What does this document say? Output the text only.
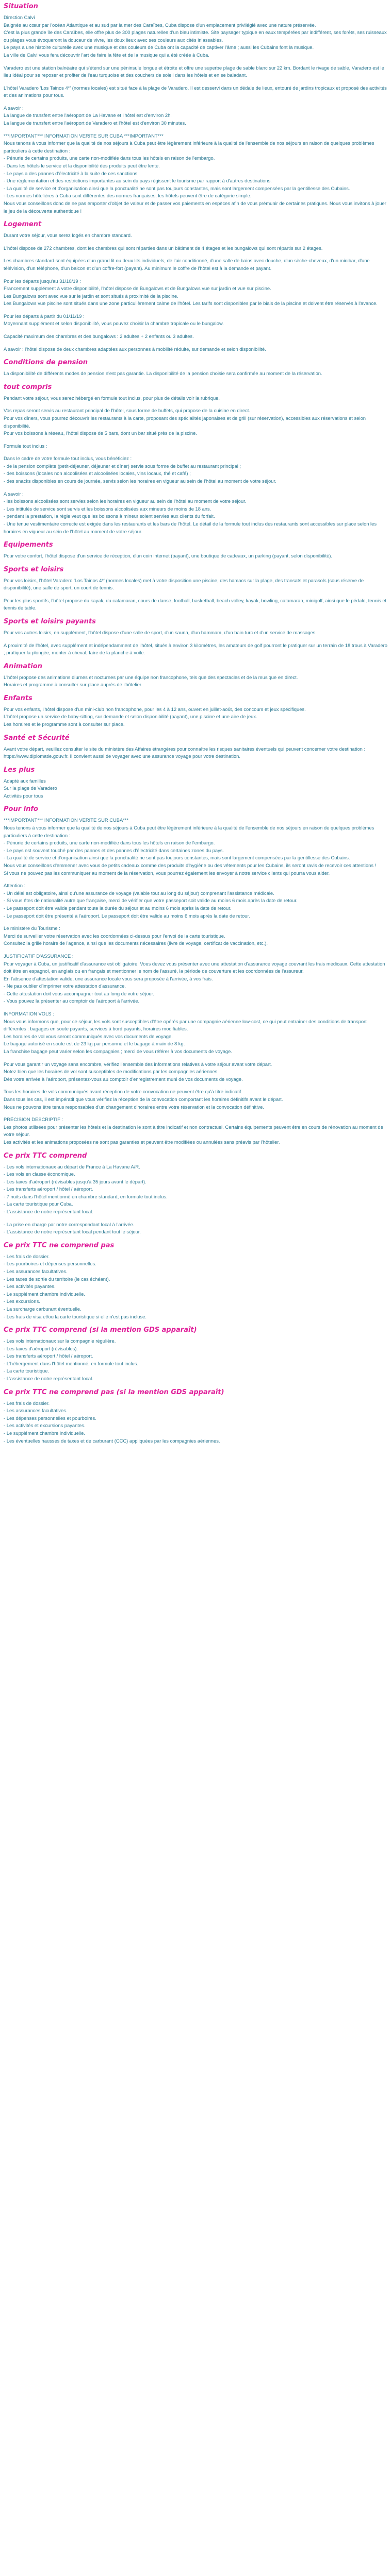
Situation

Direction Calvi
Baignés au cœur par l'océan Atlantique et au sud par la mer des Caraïbes, Cuba dispose d'un emplacement privilégié avec une nature préservée.
C'est la plus grande île des Caraïbes, elle offre plus de 300 plages naturelles d'un bleu intimiste. Site paysager typique en eaux tempérées par indifférent, ses forêts, ses ruisseaux ou plages vous évoqueront la douceur de vivre, les doux lieux avec ses couleurs aux cités inlassables.
Le pays a une histoire culturelle avec une musique et des couleurs de Cuba ont la capacité de captiver l'âme ; aussi les Cubains font la musique.
La ville de Calvi vous fera découvrir l'art de faire la fête et de la musique qui a été créée à Cuba.

Varadero est une station balnéaire qui s'étend sur une péninsule longue et étroite et offre une superbe plage de sable blanc sur 22 km. Bordant le rivage de sable, Varadero est le lieu idéal pour se reposer et profiter de l'eau turquoise et des couchers de soleil dans les hôtels et en se baladant.

L'hôtel Varadero 'Los Tainos 4*' (normes locales) est situé face à la plage de Varadero. Il est desservi dans un dédale de lieux, entouré de jardins tropicaux et proposé des activités et des animations pour tous.

A savoir :
La langue de transfert entre l'aéroport de La Havane et l'hôtel est d'environ 2h.
La langue de transfert entre l'aéroport de Varadero et l'hôtel est d'environ 30 minutes.

***IMPORTANT*** INFORMATION VERITE SUR CUBA ***IMPORTANT***
Nous tenons à vous informer que la qualité de nos séjours à Cuba peut être légèrement inférieure à la qualité de l'ensemble de nos séjours en raison de quelques problèmes particuliers à cette destination :
- Pénurie de certains produits, une carte non-modifiée dans tous les hôtels en raison de l'embargo.
- Dans les hôtels le service et la disponibilité des produits peut être lente.
- Le pays a des pannes d'électricité à la suite de ces sanctions.
- Une réglementation et des restrictions importantes au sein du pays régissent le tourisme par rapport à d'autres destinations.
- La qualité de service et d'organisation ainsi que la ponctualité ne sont pas toujours constantes, mais sont largement compensées par la gentillesse des Cubains.
- Les normes hôtelières à Cuba sont différentes des normes françaises, les hôtels peuvent être de catégorie simple.
Nous vous conseillons donc de ne pas emporter d'objet de valeur et de passer vos paiements en espèces afin de vous prémunir de certaines pratiques. Nous vous invitons à jouer le jeu de la découverte authentique !

Logement

Durant votre séjour, vous serez logés en chambre standard.

L'hôtel dispose de 272 chambres, dont les chambres qui sont réparties dans un bâtiment de 4 étages et les bungalows qui sont répartis sur 2 étages.

Les chambres standard sont équipées d'un grand lit ou deux lits individuels, de l'air conditionné, d'une salle de bains avec douche, d'un sèche-cheveux, d'un minibar, d'une télévision, d'un téléphone, d'un balcon et d'un coffre-fort (payant). Au minimum le coffre de l'hôtel est à la demande et payant.

Pour les départs jusqu'au 31/10/19 :
Francement supplément à votre disponibilité, l'hôtel dispose de Bungalows et de Bungalows vue sur jardin et vue sur piscine.
Les Bungalows sont avec vue sur le jardin et sont situés à proximité de la piscine.
Les Bungalows vue piscine sont situés dans une zone particulièrement calme de l'hôtel. Les tarifs sont disponibles par le biais de la piscine et doivent être réservés à l'avance.

Pour les départs à partir du 01/11/19 :
Moyennant supplément et selon disponibilité, vous pouvez choisir la chambre tropicale ou le bungalow.

Capacité maximum des chambres et des bungalows : 2 adultes + 2 enfants ou 3 adultes.

A savoir : l'hôtel dispose de deux chambres adaptées aux personnes à mobilité réduite, sur demande et selon disponibilité.

Conditions de pension

La disponibilité de différents modes de pension n'est pas garantie. La disponibilité de la pension choisie sera confirmée au moment de la réservation.

tout compris

Pendant votre séjour, vous serez hébergé en formule tout inclus, pour plus de détails voir la rubrique.

Vos repas seront servis au restaurant principal de l'hôtel, sous forme de buffets, qui propose de la cuisine en direct.
Pour vos dîners, vous pourrez découvrir les restaurants à la carte, proposant des spécialités japonaises et de grill (sur réservation), accessibles aux réservations et selon disponibilité.
Pour vos boissons à réseau, l'hôtel dispose de 5 bars, dont un bar situé près de la piscine.

Formule tout inclus :

Dans le cadre de votre formule tout inclus, vous bénéficiez :
- de la pension complète (petit-déjeuner, déjeuner et dîner) servie sous forme de buffet au restaurant principal ;
- des boissons (locales non alcoolisées et alcoolisées locales, vins locaux, thé et café) ;
- des snacks disponibles en cours de journée, servis selon les horaires en vigueur au sein de l'hôtel au moment de votre séjour.

A savoir :
- les boissons alcoolisées sont servies selon les horaires en vigueur au sein de l'hôtel au moment de votre séjour.
- Les intitulés de service sont servis et les boissons alcoolisées aux mineurs de moins de 18 ans.
- pendant la prestation, la règle veut que les boissons à mineur soient servies aux clients du forfait.
- Une tenue vestimentaire correcte est exigée dans les restaurants et les bars de l'hôtel. Le détail de la formule tout inclus des restaurants sont accessibles sur place selon les horaires en vigueur au sein de l'hôtel au moment de votre séjour.

Equipements

Pour votre confort, l'hôtel dispose d'un service de réception, d'un coin internet (payant), une boutique de cadeaux, un parking (payant, selon disponibilité).

Sports et loisirs

Pour vos loisirs, l'hôtel Varadero 'Los Tainos 4*' (normes locales) met à votre disposition une piscine, des hamacs sur la plage, des transats et parasols (sous réserve de disponibilité), une salle de sport, un court de tennis.

Pour les plus sportifs, l'hôtel propose du kayak, du catamaran, cours de danse, football, basketball, beach volley, kayak, bowling, catamaran, minigolf, ainsi que le pédalo, tennis et tennis de table.

Sports et loisirs payants

Pour vos autres loisirs, en supplément, l'hôtel dispose d'une salle de sport, d'un sauna, d'un hammam, d'un bain turc et d'un service de massages.

A proximité de l'hôtel, avec supplément et indépendamment de l'hôtel, situés à environ 3 kilomètres, les amateurs de golf pourront le pratiquer sur un terrain de 18 trous à Varadero ; pratiquer la plongée, monter à cheval, faire de la planche à voile.

Animation

L'hôtel propose des animations diurnes et nocturnes par une équipe non francophone, tels que des spectacles et de la musique en direct.
Horaires et programme à consulter sur place auprès de l'hôtelier.

Enfants

Pour vos enfants, l'hôtel dispose d'un mini-club non francophone, pour les 4 à 12 ans, ouvert en juillet-août, des concours et jeux spécifiques.
L'hôtel propose un service de baby-sitting, sur demande et selon disponibilité (payant), une piscine et une aire de jeux.
Les horaires et le programme sont à consulter sur place.

Santé et Sécurité

Avant votre départ, veuillez consulter le site du ministère des Affaires étrangères pour connaître les risques sanitaires éventuels qui peuvent concerner votre destination : https://www.diplomatie.gouv.fr. Il convient aussi de voyager avec une assurance voyage pour votre destination.

Les plus

Adapté aux familles
Sur la plage de Varadero
Activités pour tous

Pour info

***IMPORTANT*** INFORMATION VERITE SUR CUBA***
Nous tenons à vous informer que la qualité de nos séjours à Cuba peut être légèrement inférieure à la qualité de l'ensemble de nos séjours en raison de quelques problèmes particuliers à cette destination :
- Pénurie de certains produits, une carte non-modifiée dans tous les hôtels en raison de l'embargo.
- Le pays est souvent touché par des pannes et des pannes d'électricité dans certaines zones du pays.
- La qualité de service et d'organisation ainsi que la ponctualité ne sont pas toujours constantes, mais sont largement compensées par la gentillesse des Cubains.
Nous vous conseillons d'emmener avec vous de petits cadeaux comme des produits d'hygiène ou des vêtements pour les Cubains, ils seront ravis de recevoir ces attentions !
Si vous ne pouvez pas les communiquer au moment de la réservation, vous pourrez également les envoyer à notre service clients qui pourra vous aider.

Attention :
- Un délai est obligatoire, ainsi qu'une assurance de voyage (valable tout au long du séjour) comprenant l'assistance médicale.
- Si vous êtes de nationalité autre que française, merci de vérifier que votre passeport soit valide au moins 6 mois après la date de retour.
- Le passeport doit être valide pendant toute la durée du séjour et au moins 6 mois après la date de retour.
- Le passeport doit être présenté à l'aéroport. Le passeport doit être valide au moins 6 mois après la date de retour.

Le ministère du Tourisme :
Merci de surveiller votre réservation avec les coordonnées ci-dessus pour l'envoi de la carte touristique.
Consultez la grille horaire de l'agence, ainsi que les documents nécessaires (livre de voyage, certificat de vaccination, etc.).

JUSTIFICATIF D'ASSURANCE :
Pour voyager à Cuba, un justificatif d'assurance est obligatoire. Vous devez vous présenter avec une attestation d'assurance voyage couvrant les frais médicaux. Cette attestation doit être en espagnol, en anglais ou en français et mentionner le nom de l'assuré, la période de couverture et les coordonnées de l'assureur.
En l'absence d'attestation valide, une assurance locale vous sera proposée à l'arrivée, à vos frais.
- Ne pas oublier d'imprimer votre attestation d'assurance.
- Cette attestation doit vous accompagner tout au long de votre séjour.
- Vous pouvez la présenter au comptoir de l'aéroport à l'arrivée.

INFORMATION VOLS :
Nous vous informons que, pour ce séjour, les vols sont susceptibles d'être opérés par une compagnie aérienne low-cost, ce qui peut entraîner des conditions de transport différentes : bagages en soute payants, services à bord payants, horaires modifiables.
Les horaires de vol vous seront communiqués avec vos documents de voyage.
Le bagage autorisé en soute est de 23 kg par personne et le bagage à main de 8 kg.
La franchise bagage peut varier selon les compagnies ; merci de vous référer à vos documents de voyage.

Pour vous garantir un voyage sans encombre, vérifiez l'ensemble des informations relatives à votre séjour avant votre départ.
Notez bien que les horaires de vol sont susceptibles de modifications par les compagnies aériennes.
Dès votre arrivée à l'aéroport, présentez-vous au comptoir d'enregistrement muni de vos documents de voyage.

Tous les horaires de vols communiqués avant réception de votre convocation ne peuvent être qu'à titre indicatif.
Dans tous les cas, il est impératif que vous vérifiez la réception de la convocation comportant les horaires définitifs avant le départ.
Nous ne pouvons être tenus responsables d'un changement d'horaires entre votre réservation et la convocation définitive.

PRÉCISION DESCRIPTIF :
Les photos utilisées pour présenter les hôtels et la destination le sont à titre indicatif et non contractuel. Certains équipements peuvent être en cours de rénovation au moment de votre séjour.
Les activités et les animations proposées ne sont pas garanties et peuvent être modifiées ou annulées sans préavis par l'hôtelier.

Ce prix TTC comprend

- Les vols internationaux au départ de France à La Havane A/R.
- Les vols en classe économique.
- Les taxes d'aéroport (révisables jusqu'à 35 jours avant le départ).
- Les transferts aéroport / hôtel / aéroport.
- 7 nuits dans l'hôtel mentionné en chambre standard, en formule tout inclus.
- La carte touristique pour Cuba.
- L'assistance de notre représentant local.

- La prise en charge par notre correspondant local à l'arrivée.
- L'assistance de notre représentant local pendant tout le séjour.

Ce prix TTC ne comprend pas

- Les frais de dossier.
- Les pourboires et dépenses personnelles.
- Les assurances facultatives.
- Les taxes de sortie du territoire (le cas échéant).
- Les activités payantes.
- Le supplément chambre individuelle.
- Les excursions.
- La surcharge carburant éventuelle.
- Les frais de visa et/ou la carte touristique si elle n'est pas incluse.

Ce prix TTC comprend (si la mention GDS apparaît)

- Les vols internationaux sur la compagnie régulière.
- Les taxes d'aéroport (révisables).
- Les transferts aéroport / hôtel / aéroport.
- L'hébergement dans l'hôtel mentionné, en formule tout inclus.
- La carte touristique.
- L'assistance de notre représentant local.

Ce prix TTC ne comprend pas (si la mention GDS apparaît)

- Les frais de dossier.
- Les assurances facultatives.
- Les dépenses personnelles et pourboires.
- Les activités et excursions payantes.
- Le supplément chambre individuelle.
- Les éventuelles hausses de taxes et de carburant (CCC) appliquées par les compagnies aériennes.
